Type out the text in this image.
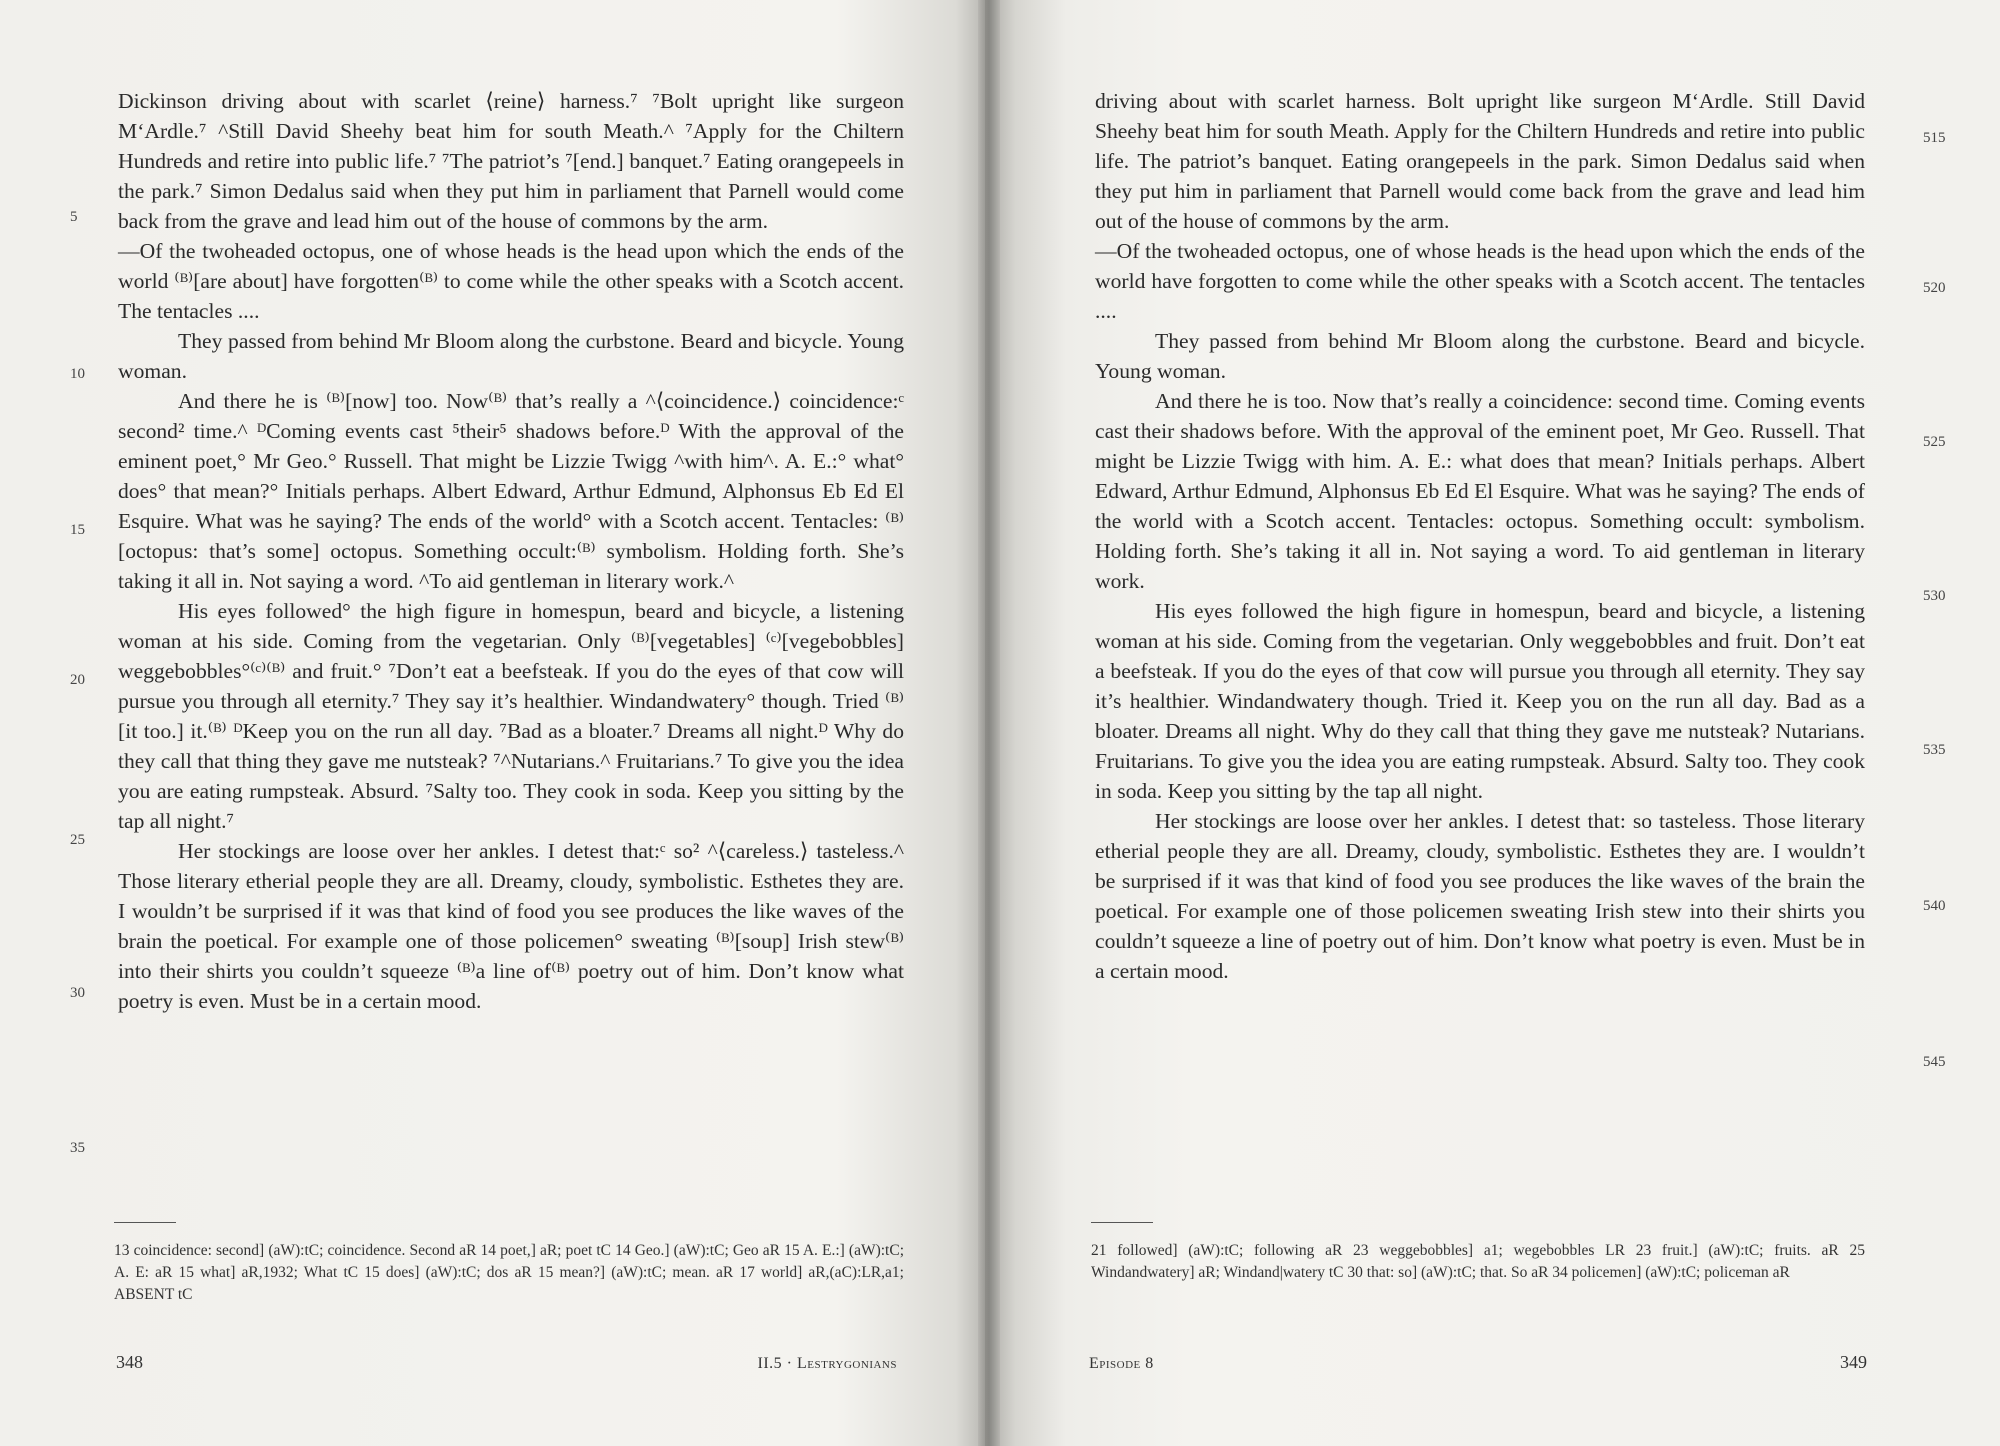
Dickinson driving about with scarlet ⟨reine⟩ harness.⁷ ⁷Bolt upright like surgeon M‘Ardle.⁷ ^Still David Sheehy beat him for south Meath.^ ⁷Apply for the Chiltern Hundreds and retire into public life.⁷ ⁷The patriot’s ⁷[end.] banquet.⁷ Eating orangepeels in the park.⁷ Simon Dedalus said when they put him in parliament that Parnell would come back from the grave and lead him out of the house of commons by the arm.

—Of the twoheaded octopus, one of whose heads is the head upon which the ends of the world ⁽ᴮ⁾[are about] have forgotten⁽ᴮ⁾ to come while the other speaks with a Scotch accent. The tentacles ....

They passed from behind Mr Bloom along the curbstone. Beard and bicycle. Young woman.

And there he is ⁽ᴮ⁾[now] too. Now⁽ᴮ⁾ that’s really a ^⟨coincidence.⟩ coincidence:ᶜ second² time.^ ᴰComing events cast ⁵their⁵ shadows before.ᴰ With the approval of the eminent poet,° Mr Geo.° Russell. That might be Lizzie Twigg ^with him^. A. E.:° what° does° that mean?° Initials perhaps. Albert Edward, Arthur Edmund, Alphonsus Eb Ed El Esquire. What was he saying? The ends of the world° with a Scotch accent. Tentacles: ⁽ᴮ⁾[octopus: that’s some] octopus. Something occult:⁽ᴮ⁾ symbolism. Holding forth. She’s taking it all in. Not saying a word. ^To aid gentleman in literary work.^

His eyes followed° the high figure in homespun, beard and bicycle, a listening woman at his side. Coming from the vegetarian. Only ⁽ᴮ⁾[vegetables] ⁽ᶜ⁾[vegebobbles] weggebobbles°⁽ᶜ⁾⁽ᴮ⁾ and fruit.° ⁷Don’t eat a beefsteak. If you do the eyes of that cow will pursue you through all eternity.⁷ They say it’s healthier. Windandwatery° though. Tried ⁽ᴮ⁾[it too.] it.⁽ᴮ⁾ ᴰKeep you on the run all day. ⁷Bad as a bloater.⁷ Dreams all night.ᴰ Why do they call that thing they gave me nutsteak? ⁷^Nutarians.^ Fruitarians.⁷ To give you the idea you are eating rumpsteak. Absurd. ⁷Salty too. They cook in soda. Keep you sitting by the tap all night.⁷

Her stockings are loose over her ankles. I detest that:ᶜ so² ^⟨careless.⟩ tasteless.^ Those literary etherial people they are all. Dreamy, cloudy, symbolistic. Esthetes they are. I wouldn’t be surprised if it was that kind of food you see produces the like waves of the brain the poetical. For example one of those policemen° sweating ⁽ᴮ⁾[soup] Irish stew⁽ᴮ⁾ into their shirts you couldn’t squeeze ⁽ᴮ⁾a line of⁽ᴮ⁾ poetry out of him. Don’t know what poetry is even. Must be in a certain mood.

5
10
15
20
25
30
35
13 coincidence: second] (aW):tC; coincidence. Second aR 14 poet,] aR; poet tC 14 Geo.] (aW):tC; Geo aR 15 A. E.:] (aW):tC; A. E: aR 15 what] aR,1932; What tC 15 does] (aW):tC; dos aR 15 mean?] (aW):tC; mean. aR 17 world] aR,(aC):LR,a1; ABSENT tC
348	II.5 · Lestrygonians

driving about with scarlet harness. Bolt upright like surgeon M‘Ardle. Still David Sheehy beat him for south Meath. Apply for the Chiltern Hundreds and retire into public life. The patriot’s banquet. Eating orangepeels in the park. Simon Dedalus said when they put him in parliament that Parnell would come back from the grave and lead him out of the house of commons by the arm.

—Of the twoheaded octopus, one of whose heads is the head upon which the ends of the world have forgotten to come while the other speaks with a Scotch accent. The tentacles ....

They passed from behind Mr Bloom along the curbstone. Beard and bicycle. Young woman.

And there he is too. Now that’s really a coincidence: second time. Coming events cast their shadows before. With the approval of the eminent poet, Mr Geo. Russell. That might be Lizzie Twigg with him. A. E.: what does that mean? Initials perhaps. Albert Edward, Arthur Edmund, Alphonsus Eb Ed El Esquire. What was he saying? The ends of the world with a Scotch accent. Tentacles: octopus. Something occult: symbolism. Holding forth. She’s taking it all in. Not saying a word. To aid gentleman in literary work.

His eyes followed the high figure in homespun, beard and bicycle, a listening woman at his side. Coming from the vegetarian. Only weggebobbles and fruit. Don’t eat a beefsteak. If you do the eyes of that cow will pursue you through all eternity. They say it’s healthier. Windandwatery though. Tried it. Keep you on the run all day. Bad as a bloater. Dreams all night. Why do they call that thing they gave me nutsteak? Nutarians. Fruitarians. To give you the idea you are eating rumpsteak. Absurd. Salty too. They cook in soda. Keep you sitting by the tap all night.

Her stockings are loose over her ankles. I detest that: so tasteless. Those literary etherial people they are all. Dreamy, cloudy, symbolistic. Esthetes they are. I wouldn’t be surprised if it was that kind of food you see produces the like waves of the brain the poetical. For example one of those policemen sweating Irish stew into their shirts you couldn’t squeeze a line of poetry out of him. Don’t know what poetry is even. Must be in a certain mood.

515
520
525
530
535
540
545
21 followed] (aW):tC; following aR 23 weggebobbles] a1; wegebobbles LR 23 fruit.] (aW):tC; fruits. aR 25 Windandwatery] aR; Windand|watery tC 30 that: so] (aW):tC; that. So aR 34 policemen] (aW):tC; policeman aR
Episode 8	349
